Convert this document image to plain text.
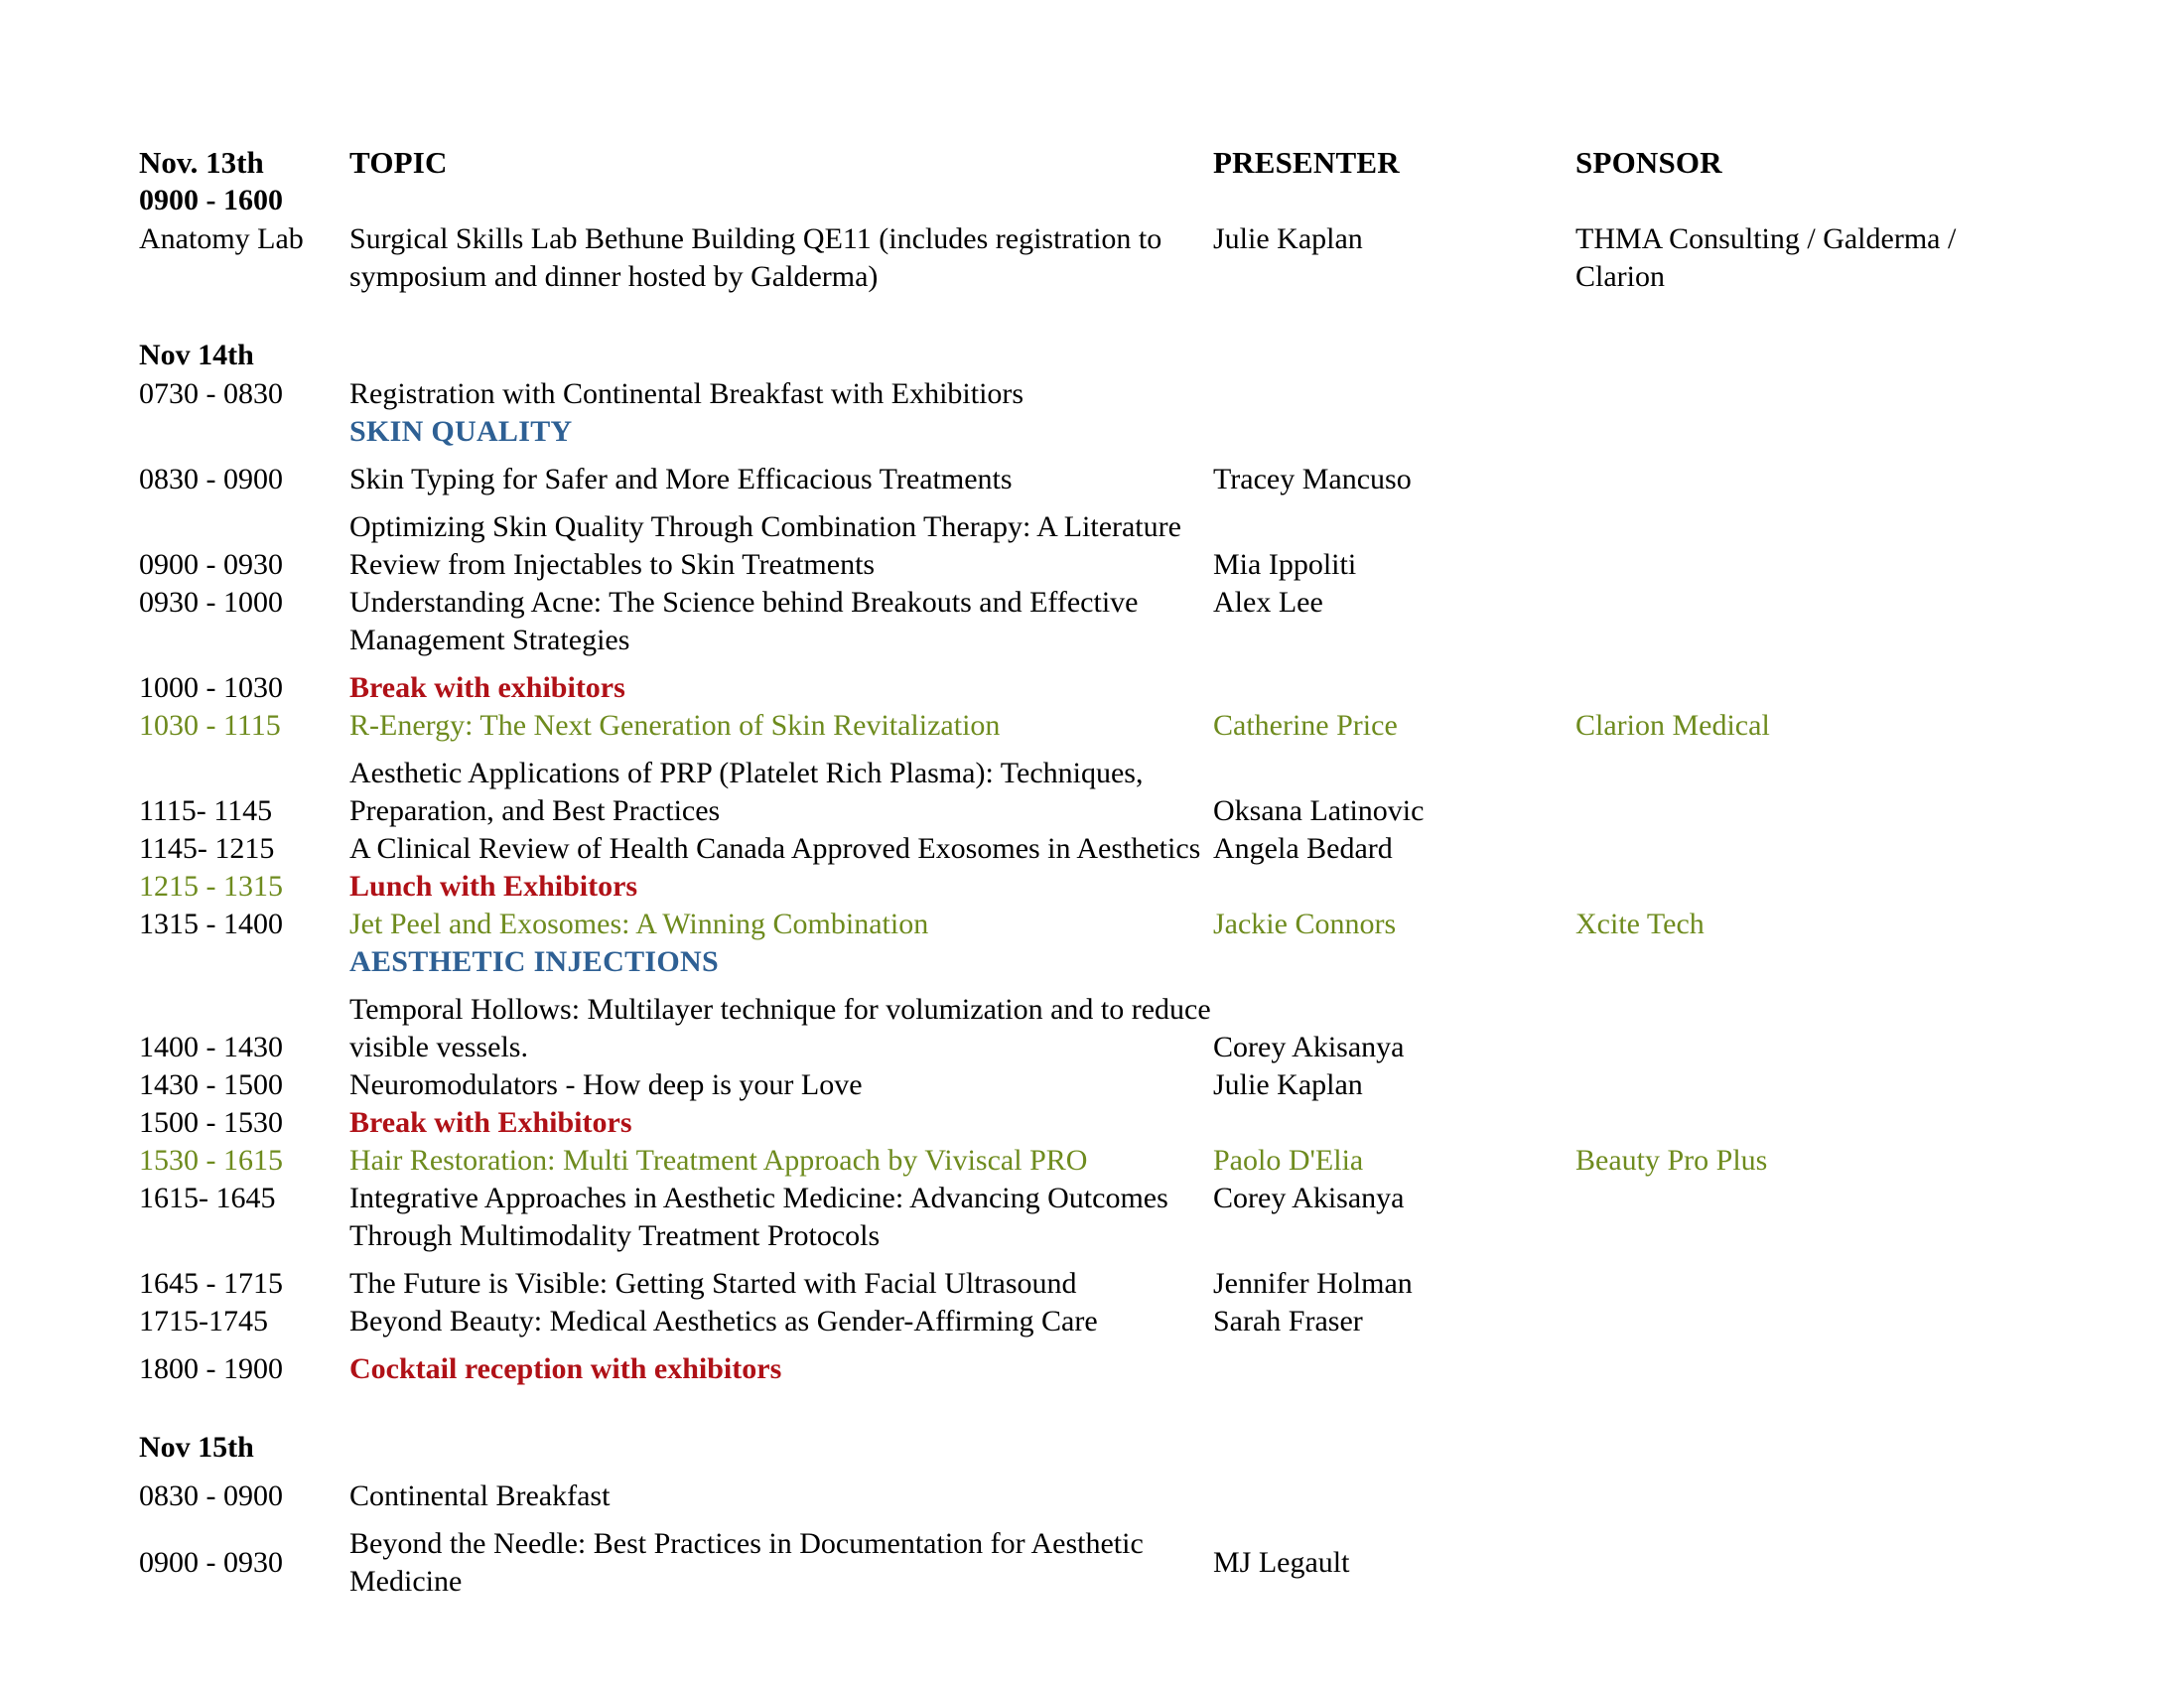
Nov. 13th	TOPIC	PRESENTER	SPONSOR
0900 - 1600			
Anatomy Lab	Surgical Skills Lab Bethune Building QE11 (includes registration to symposium and dinner hosted by Galderma)	Julie Kaplan	THMA Consulting / Galderma / Clarion

Nov 14th			
0730 - 0830	Registration with Continental Breakfast with Exhibitiors		
	SKIN QUALITY		
0830 - 0900	Skin Typing for Safer and More Efficacious Treatments	Tracey Mancuso	
0900 - 0930	Optimizing Skin Quality Through Combination Therapy: A Literature Review from Injectables to Skin Treatments	Mia Ippoliti	
0930 - 1000	Understanding Acne: The Science behind Breakouts and Effective Management Strategies	Alex Lee	
1000 - 1030	Break with exhibitors		
1030 - 1115	R-Energy: The Next Generation of Skin Revitalization	Catherine Price	Clarion Medical
1115- 1145	Aesthetic Applications of PRP (Platelet Rich Plasma): Techniques, Preparation, and Best Practices	Oksana Latinovic	
1145- 1215	A Clinical Review of Health Canada Approved Exosomes in Aesthetics	Angela Bedard	
1215 - 1315	Lunch with Exhibitors		
1315 - 1400	Jet Peel and Exosomes: A Winning Combination	Jackie Connors	Xcite Tech
	AESTHETIC INJECTIONS		
1400 - 1430	Temporal Hollows: Multilayer technique for volumization and to reduce visible vessels.	Corey Akisanya	
1430 - 1500	Neuromodulators - How deep is your Love	Julie Kaplan	
1500 - 1530	Break with Exhibitors		
1530 - 1615	Hair Restoration: Multi Treatment Approach by Viviscal PRO	Paolo D'Elia	Beauty Pro Plus
1615- 1645	Integrative Approaches in Aesthetic Medicine: Advancing Outcomes Through Multimodality Treatment Protocols	Corey Akisanya	
1645 - 1715	The Future is Visible: Getting Started with Facial Ultrasound	Jennifer Holman	
1715-1745	Beyond Beauty: Medical Aesthetics as Gender-Affirming Care	Sarah Fraser	
1800 - 1900	Cocktail reception with exhibitors		

Nov 15th			
0830 - 0900	Continental Breakfast		
0900 - 0930	Beyond the Needle: Best Practices in Documentation for Aesthetic Medicine	MJ Legault	
